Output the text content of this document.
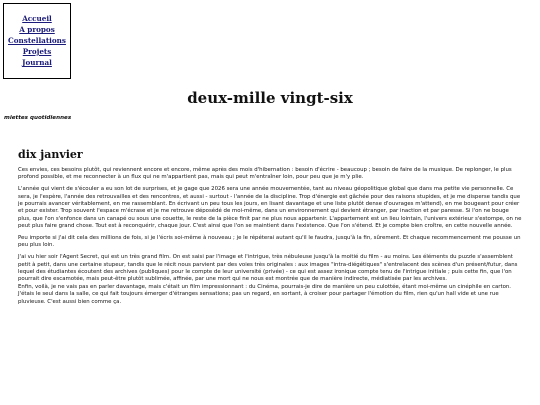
Accueil
A propos
Constellations
Projets
Journal
deux-mille vingt-six

miettes quotidiennes

dix janvier

Ces envies, ces besoins plutôt, qui reviennent encore et encore, même après des mois d'hibernation : besoin d'écrire - beaucoup ; besoin de faire de la musique. De replonger, le plus profond possible, et me reconnecter à un flux qui ne m'appartient pas, mais qui peut m'entraîner loin, pour peu que je m'y plie.

L'année qui vient de s'écouler a eu son lot de surprises, et je gage que 2026 sera une année mouvementée, tant au niveau géopolitique global que dans ma petite vie personnelle. Ce sera, je l'espère, l'année des retrouvailles et des rencontres, et aussi - surtout - l'année de la discipline. Trop d'énergie est gâchée pour des raisons stupides, et je me disperse tandis que je pourrais avancer véritablement, en me rassemblant. En écrivant un peu tous les jours, en lisant davantage et une liste plutôt dense d'ouvrages m'attend), en me bougeant pour créer et pour exister. Trop souvent l'espace m'écrase et je me retrouve déposédé de moi-même, dans un environnement qui devient étranger, par inaction et par paresse. Si l'on ne bouge plus, que l'on s'enfonce dans un canapé ou sous une couette, le reste de la pièce finit par ne plus nous appartenir. L'appartement est un lieu lointain, l'univers extérieur s'estompe, on ne peut plus faire grand chose. Tout est à reconquérir, chaque jour. C'est ainsi que l'on se maintient dans l'existence. Que l'on s'étend. Et je compte bien croître, en cette nouvelle année.

Peu importe si j'ai dit cela des millions de fois, si je l'écris soi-même à nouveau ; je le répéterai autant qu'il le faudra, jusqu'à la fin, sûrement. Et chaque recommencement me pousse un peu plus loin.

J'ai vu hier soir l'Agent Secret, qui est un très grand film. On est saisi par l'image et l'intrigue, très nébuleuse jusqu'à la moitié du film - au moins. Les éléments du puzzle s'assemblent petit à petit, dans une certaine stupeur, tandis que le récit nous parvient par des voies très originales : aux images "intra-diégétiques" s'entrelacent des scènes d'un présent/futur, dans lequel des étudiantes écoutent des archives (publiques) pour le compte de leur université (privée) - ce qui est assez ironique compte tenu de l'intrigue initiale ; puis cette fin, que l'on pourrait dire escamotée, mais peut-être plutôt sublimée, affinée, par une mort qui ne nous est montrée que de manière indirecte, médiatisée par les archives.

Enfin, voilà, je ne vais pas en parler davantage, mais c'était un film impressionnant : du Cinéma, pourrais-je dire de manière un peu culottée, étant moi-même un cinéphile en carton.

J'étais le seul dans la salle, ce qui fait toujours émerger d'étranges sensations; pas un regard, en sortant, à croiser pour partager l'émotion du film, rien qu'un hall vide et une rue pluvieuse. C'est aussi bien comme ça.
